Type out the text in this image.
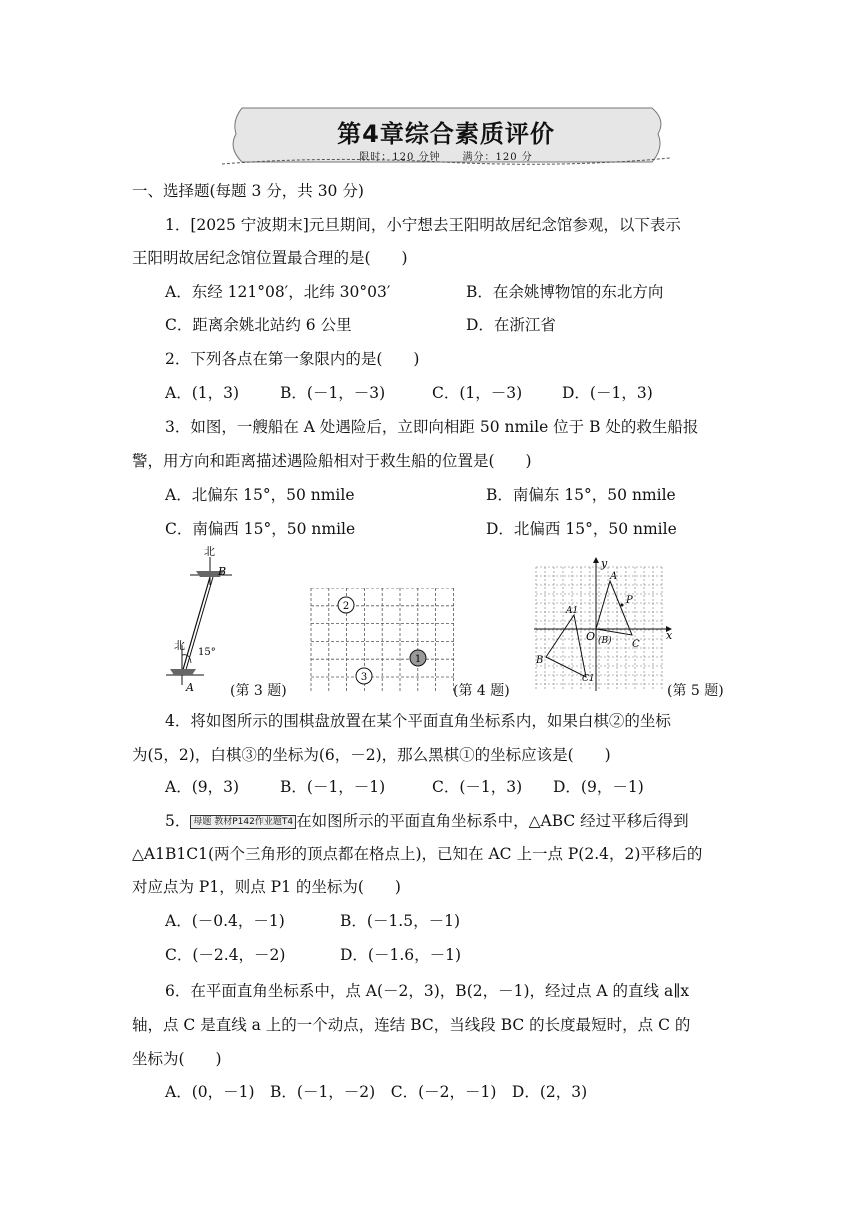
第4章综合素质评价
限时：120 分钟　　满分：120 分
一、选择题(每题 3 分，共 30 分)
1．[2025 宁波期末]元旦期间，小宁想去王阳明故居纪念馆参观，以下表示
王阳明故居纪念馆位置最合理的是(　　)
A．东经 121°08′，北纬 30°03′	B．在余姚博物馆的东北方向
C．距离余姚北站约 6 公里	D．在浙江省
2．下列各点在第一象限内的是(　　)
A．(1，3)	B．(－1，－3)	C．(1，－3)	D．(－1，3)
3．如图，一艘船在 A 处遇险后，立即向相距 50 nmile 位于 B 处的救生船报
警，用方向和距离描述遇险船相对于救生船的位置是(　　)
A．北偏东 15°，50 nmile	B．南偏东 15°，50 nmile
C．南偏西 15°，50 nmile	D．北偏西 15°，50 nmile
北
B
北
15°
A	(第 3 题)
2
1
3
(第 4 题)
x
y
O
A
P
C
A1
(B)
B
C1
(第 5 题)
4．将如图所示的围棋盘放置在某个平面直角坐标系内，如果白棋②的坐标
为(5，2)，白棋③的坐标为(6，－2)，那么黑棋①的坐标应该是(　　)
A．(9，3)	B．(－1，－1)	C．(－1，3) D．(9，－1)
5． 母题 教材P142作业题T4 在如图所示的平面直角坐标系中，△ABC 经过平移后得到
△A1B1C1(两个三角形的顶点都在格点上)，已知在 AC 上一点 P(2.4，2)平移后的
对应点为 P1，则点 P1 的坐标为(　　)
A．(－0.4，－1)	B．(－1.5，－1)
C．(－2.4，－2)	D．(－1.6，－1)
6．在平面直角坐标系中，点 A(－2，3)，B(2，－1)，经过点 A 的直线 a∥x
轴，点 C 是直线 a 上的一个动点，连结 BC，当线段 BC 的长度最短时，点 C 的
坐标为(　　)
A．(0，－1)　B．(－1，－2)　C．(－2，－1)　D．(2，3)
